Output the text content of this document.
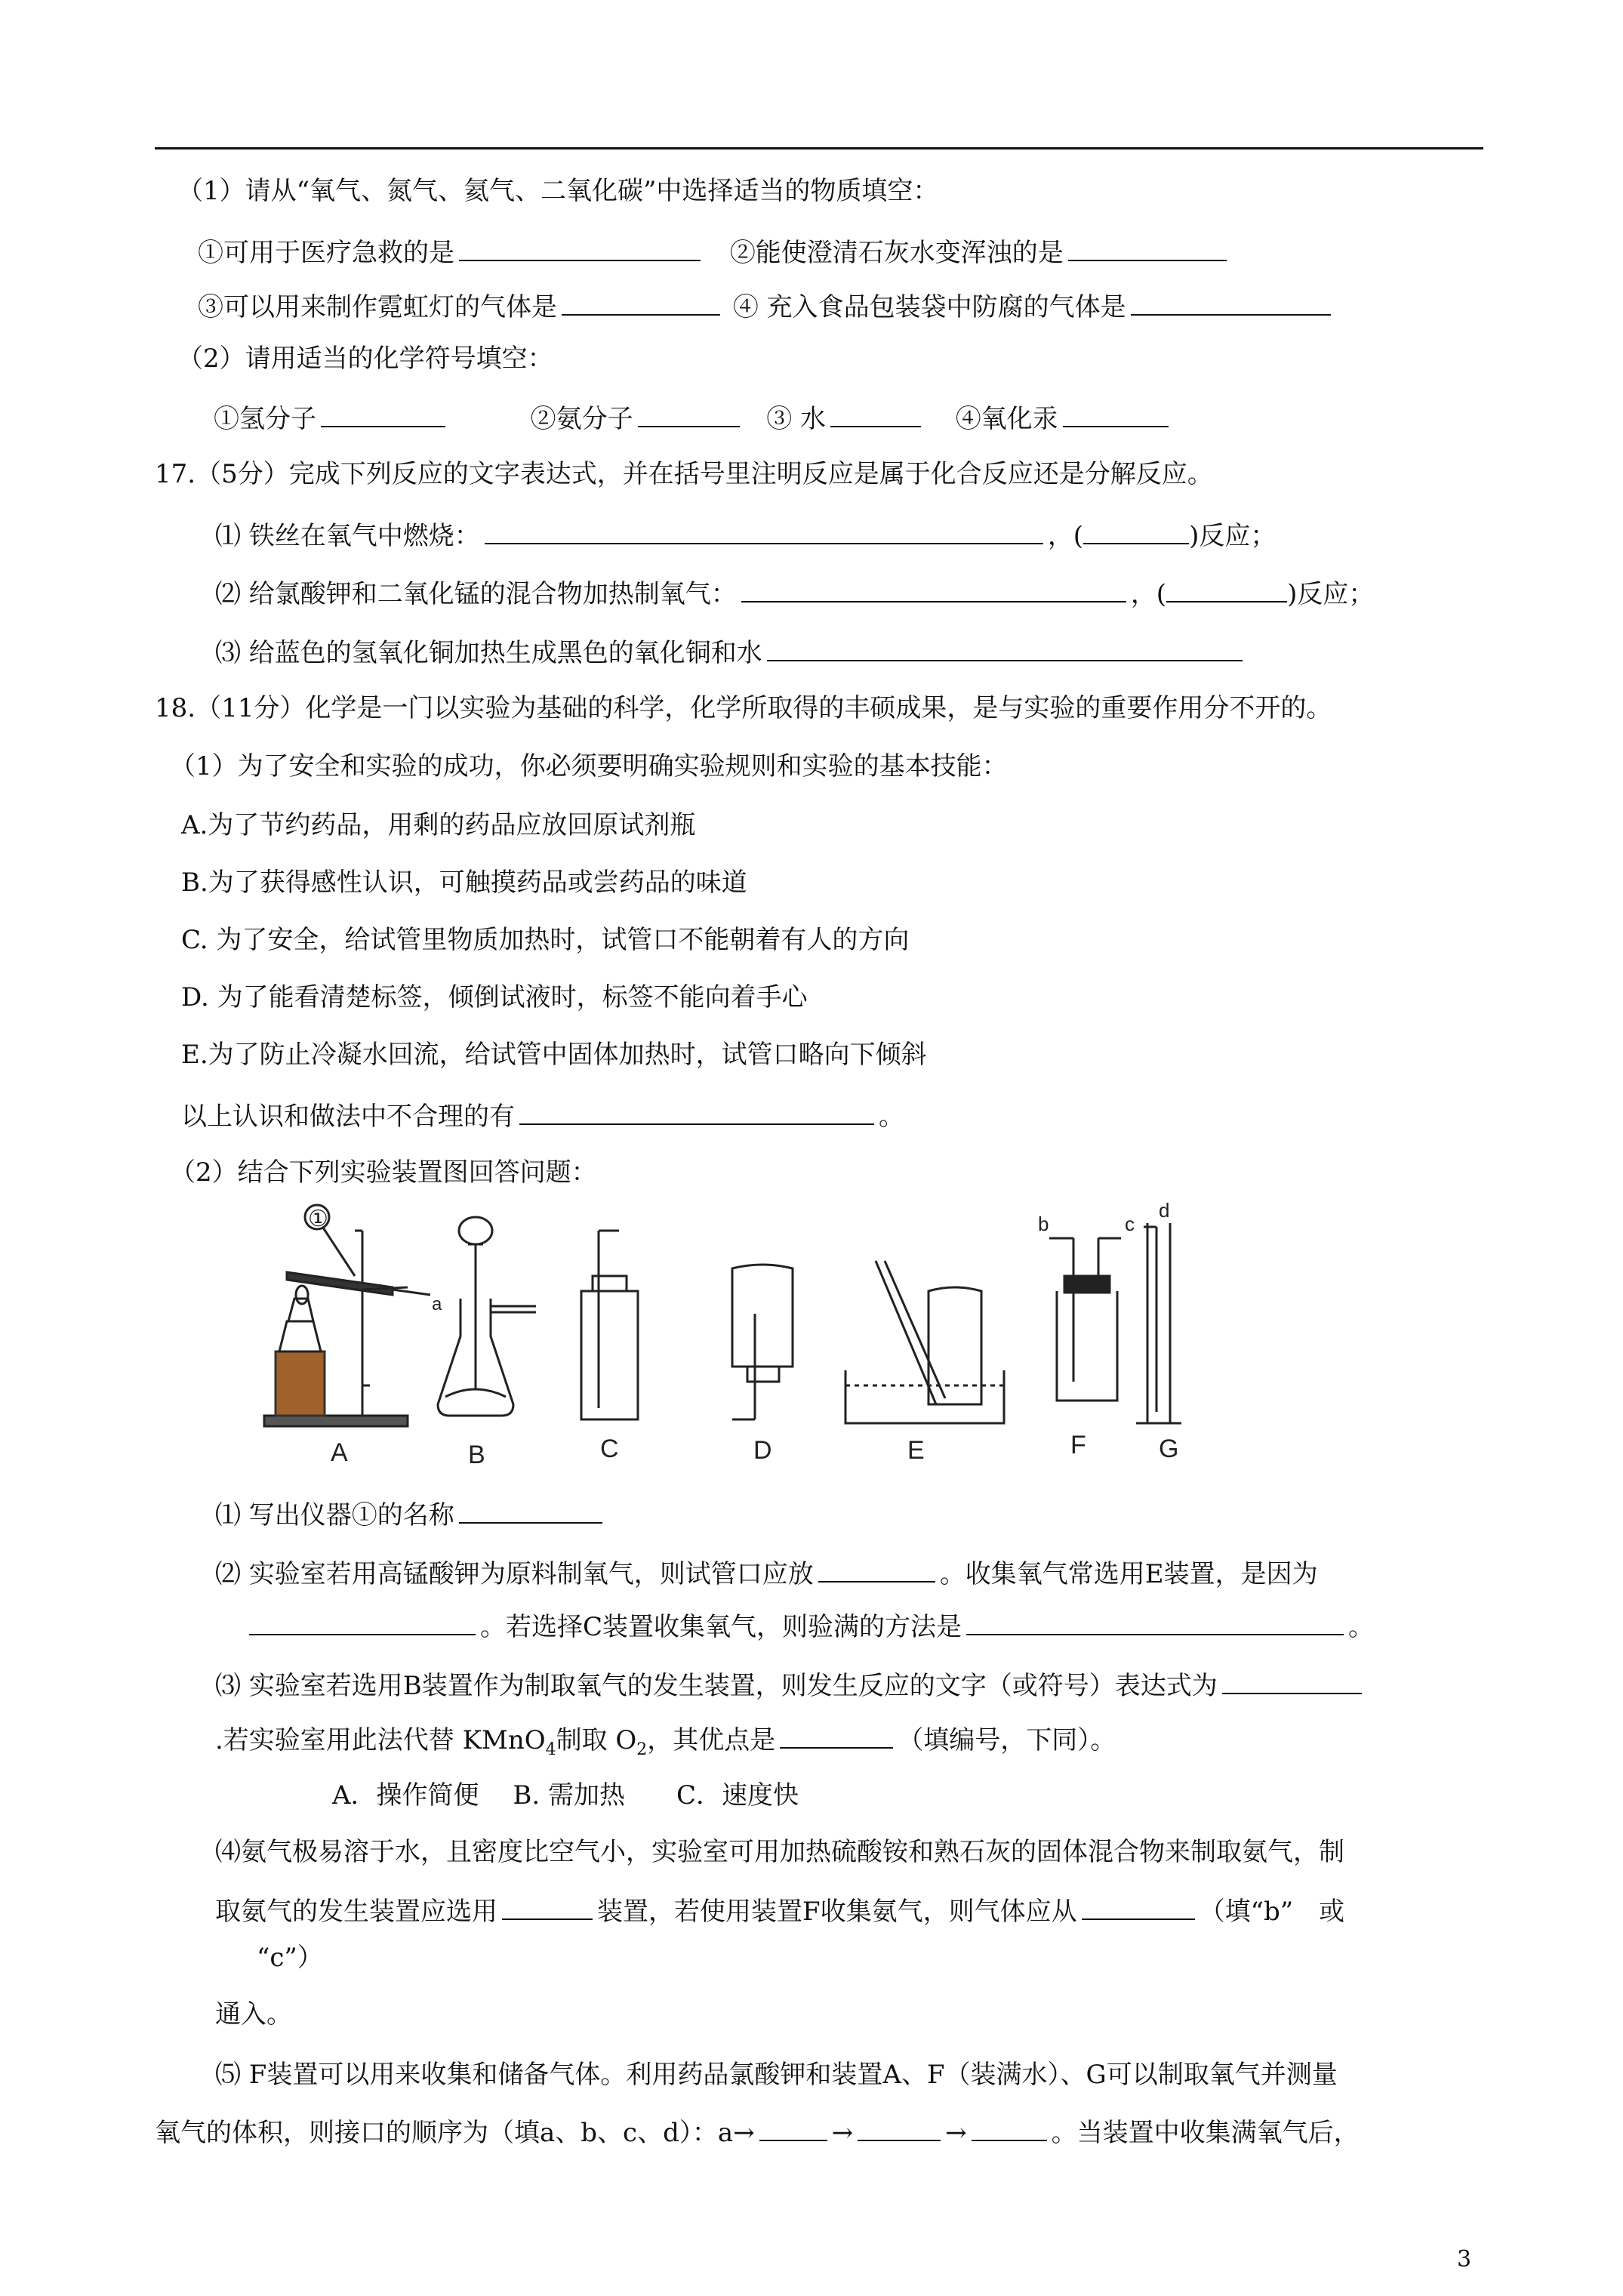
（1）请从“氧气、氮气、氦气、二氧化碳”中选择适当的物质填空：
①可用于医疗急救的是	②能使澄清石灰水变浑浊的是
③可以用来制作霓虹灯的气体是	④ 充入食品包装袋中防腐的气体是
（2）请用适当的化学符号填空：
①氢分子	②氨分子	③ 水	④氧化汞
17.（5分）完成下列反应的文字表达式，并在括号里注明反应是属于化合反应还是分解反应。
⑴ 铁丝在氧气中燃烧：	，(	)反应；
⑵ 给氯酸钾和二氧化锰的混合物加热制氧气：	，(	)反应；
⑶ 给蓝色的氢氧化铜加热生成黑色的氧化铜和水
18.（11分）化学是一门以实验为基础的科学，化学所取得的丰硕成果，是与实验的重要作用分不开的。
（1）为了安全和实验的成功，你必须要明确实验规则和实验的基本技能：
A.为了节约药品，用剩的药品应放回原试剂瓶
B.为了获得感性认识，可触摸药品或尝药品的味道
C. 为了安全，给试管里物质加热时，试管口不能朝着有人的方向
D. 为了能看清楚标签，倾倒试液时，标签不能向着手心
E.为了防止冷凝水回流，给试管中固体加热时，试管口略向下倾斜
以上认识和做法中不合理的有	。
（2）结合下列实验装置图回答问题：
①
a
b	c
d
A	B	C	D	E	F	G
⑴ 写出仪器①的名称
⑵ 实验室若用高锰酸钾为原料制氧气，则试管口应放	。收集氧气常选用E装置，是因为
。若选择C装置收集氧气，则验满的方法是	。
⑶ 实验室若选用B装置作为制取氧气的发生装置，则发生反应的文字（或符号）表达式为
.若实验室用此法代替 KMnO$_4$制取 $O_2$，其优点是	（填编号，下同）。
A．操作简便　 B. 需加热　　C．速度快
⑷氨气极易溶于水，且密度比空气小，实验室可用加热硫酸铵和熟石灰的固体混合物来制取氨气，制
取氨气的发生装置应选用	装置，若使用装置F收集氨气，则气体应从	（填“b”　或
“c”）
通入。
⑸ F装置可以用来收集和储备气体。利用药品氯酸钾和装置A、F（装满水）、G可以制取氧气并测量
氧气的体积，则接口的顺序为（填a、b、c、d）：a→	→	→	。当装置中收集满氧气后，
3
